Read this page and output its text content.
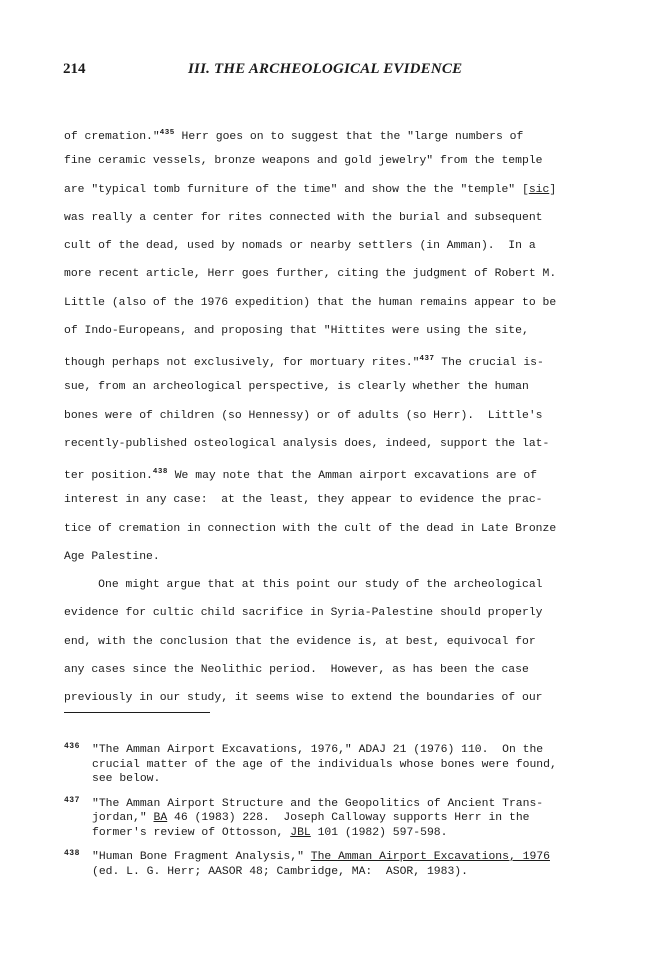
214	III. THE ARCHEOLOGICAL EVIDENCE
of cremation."$^{435}$ Herr goes on to suggest that the "large numbers of
fine ceramic vessels, bronze weapons and gold jewelry" from the temple
are "typical tomb furniture of the time" and show the the "temple" [sic]
was really a center for rites connected with the burial and subsequent
cult of the dead, used by nomads or nearby settlers (in Amman).  In a
more recent article, Herr goes further, citing the judgment of Robert M.
Little (also of the 1976 expedition) that the human remains appear to be
of Indo-Europeans, and proposing that "Hittites were using the site,
though perhaps not exclusively, for mortuary rites."$^{437}$ The crucial is-
sue, from an archeological perspective, is clearly whether the human
bones were of children (so Hennessy) or of adults (so Herr).  Little's
recently-published osteological analysis does, indeed, support the lat-
ter position.$^{438}$ We may note that the Amman airport excavations are of
interest in any case:  at the least, they appear to evidence the prac-
tice of cremation in connection with the cult of the dead in Late Bronze
Age Palestine.
One might argue that at this point our study of the archeological
evidence for cultic child sacrifice in Syria-Palestine should properly
end, with the conclusion that the evidence is, at best, equivocal for
any cases since the Neolithic period.  However, as has been the case
previously in our study, it seems wise to extend the boundaries of our
436 "The Amman Airport Excavations, 1976," ADAJ 21 (1976) 110.  On the
crucial matter of the age of the individuals whose bones were found,
see below.
437 "The Amman Airport Structure and the Geopolitics of Ancient Trans-
jordan," BA 46 (1983) 228.  Joseph Calloway supports Herr in the
former's review of Ottosson, JBL 101 (1982) 597-598.
438 "Human Bone Fragment Analysis," The Amman Airport Excavations, 1976
(ed. L. G. Herr; AASOR 48; Cambridge, MA:  ASOR, 1983).
